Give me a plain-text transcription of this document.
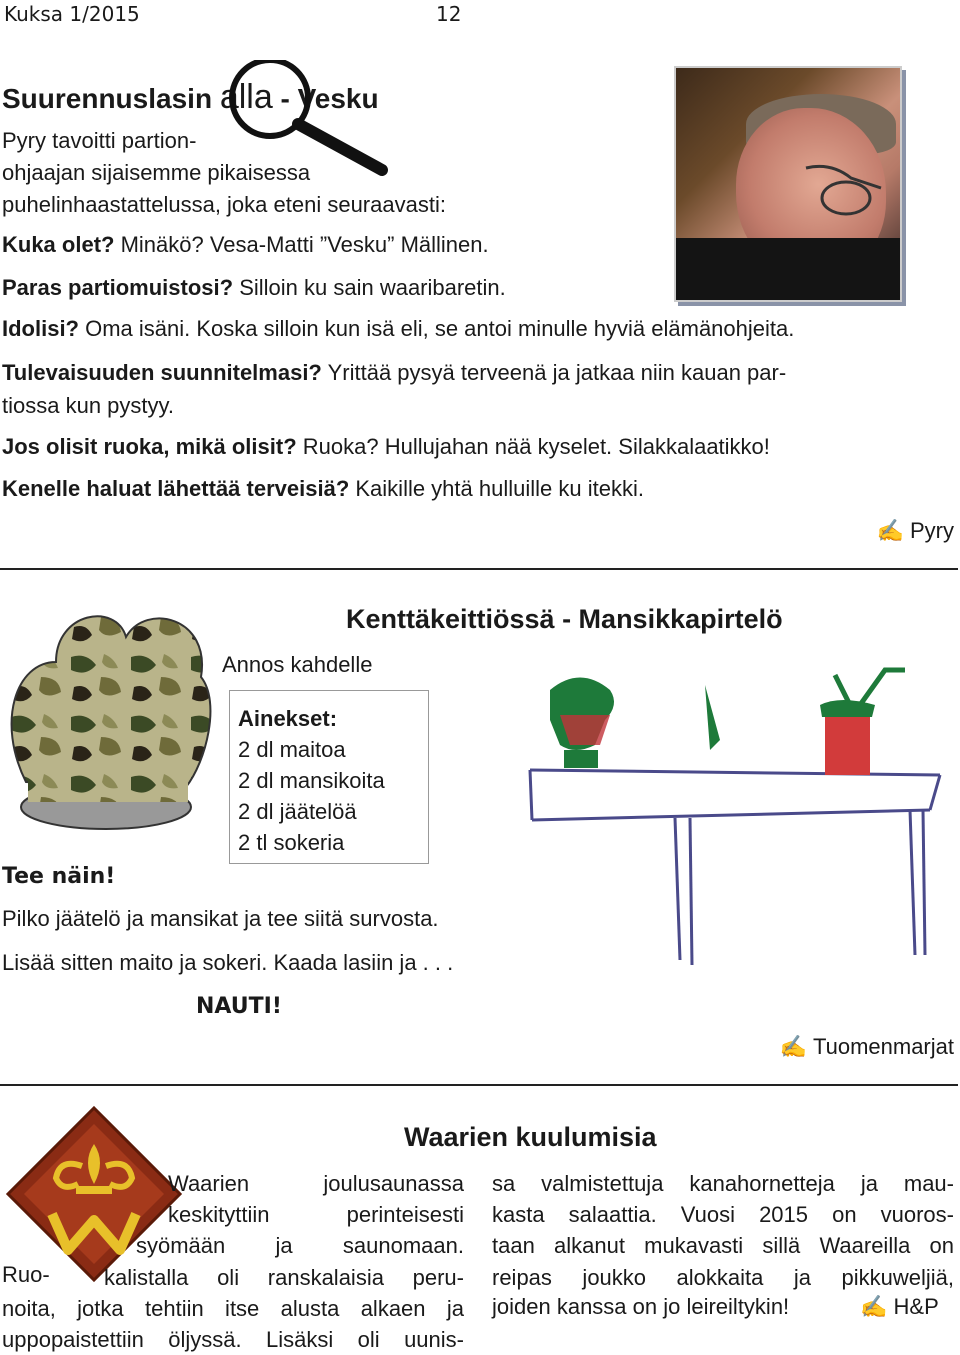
Kuksa 1/2015	12
Suurennuslasin alla - Vesku
Pyry tavoitti partion-
ohjaajan sijaisemme pikaisessa
puhelinhaastattelussa, joka eteni seuraavasti:
Kuka olet? Minäkö? Vesa-Matti ”Vesku” Mällinen.
Paras partiomuistosi? Silloin ku sain waaribaretin.
Idolisi? Oma isäni. Koska silloin kun isä eli, se antoi minulle hyviä elämänohjeita.
Tulevaisuuden suunnitelmasi? Yrittää pysyä terveenä ja jatkaa niin kauan par-
tiossa kun pystyy.
Jos olisit ruoka, mikä olisit? Ruoka? Hullujahan nää kyselet. Silakkalaatikko!
Kenelle haluat lähettää terveisiä? Kaikille yhtä hulluille ku itekki.
✍ Pyry
Kenttäkeittiössä - Mansikkapirtelö
Annos kahdelle
Ainekset:
2 dl maitoa
2 dl mansikoita
2 dl jäätelöä
2 tl sokeria
Tee näin!
Pilko jäätelö ja mansikat ja tee siitä survosta.
Lisää sitten maito ja sokeri. Kaada lasiin ja . . .
NAUTI!
✍ Tuomenmarjat
Waarien kuulumisia
Waarien joulusaunassa
keskityttiin perinteisesti
syömään ja saunomaan.
Ruo- kalistalla oli ranskalaisia peru-
noita, jotka tehtiin itse alusta alkaen ja
uppopaistettiin öljyssä. Lisäksi oli uunis-
sa valmistettuja kanahornetteja ja mau-
kasta salaattia. Vuosi 2015 on vuoros-
taan alkanut mukavasti sillä Waareilla on
reipas joukko alokkaita ja pikkuweljiä,
joiden kanssa on jo leireiltykin!	✍ H&P
